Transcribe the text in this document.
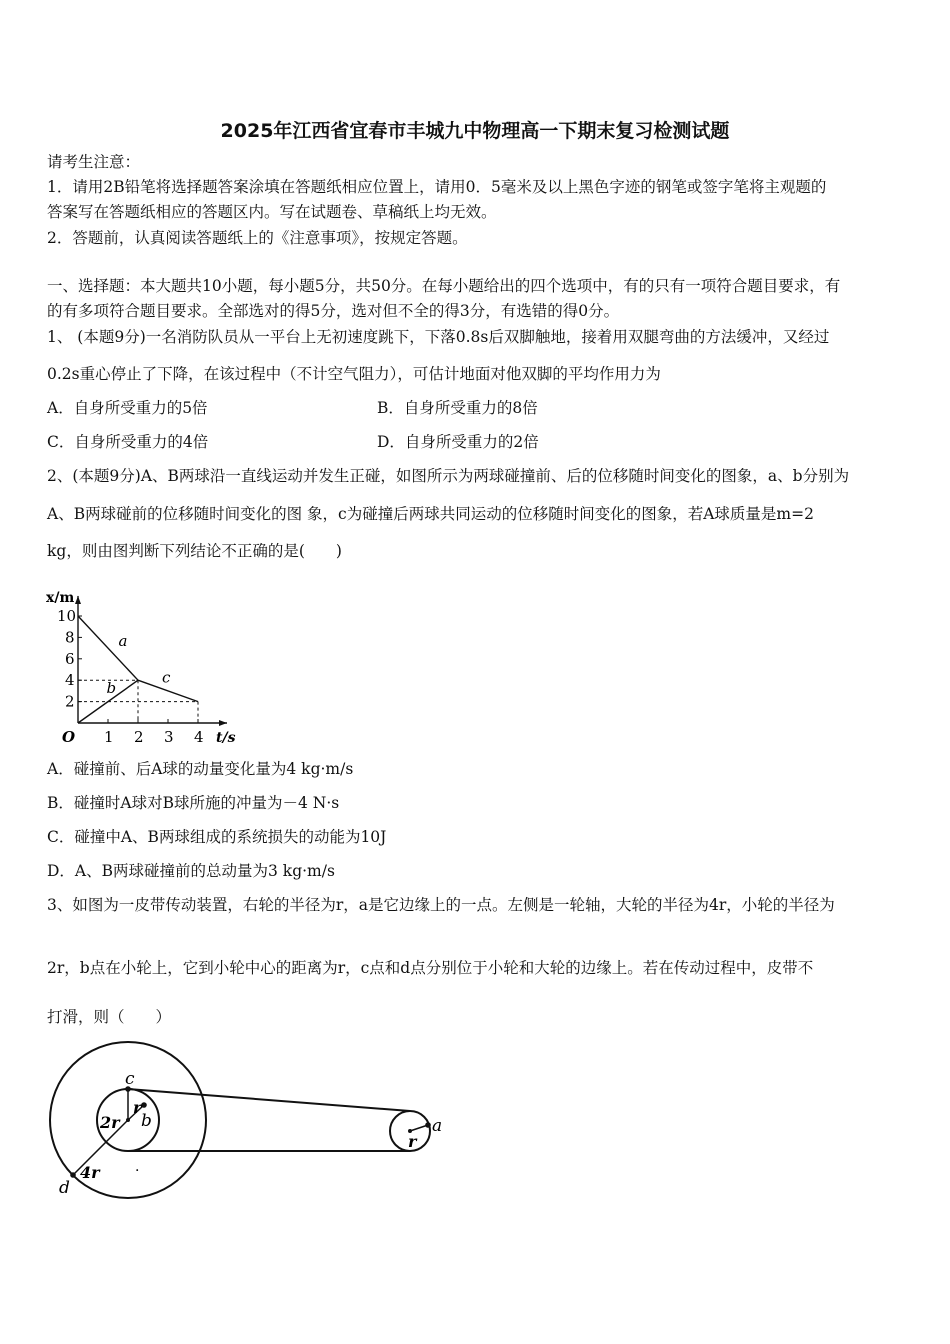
2025年江西省宜春市丰城九中物理高一下期末复习检测试题
请考生注意：
1．请用2B铅笔将选择题答案涂填在答题纸相应位置上，请用0．5毫米及以上黑色字迹的钢笔或签字笔将主观题的
答案写在答题纸相应的答题区内。写在试题卷、草稿纸上均无效。
2．答题前，认真阅读答题纸上的《注意事项》，按规定答题。
一、选择题：本大题共10小题，每小题5分，共50分。在每小题给出的四个选项中，有的只有一项符合题目要求，有
的有多项符合题目要求。全部选对的得5分，选对但不全的得3分，有选错的得0分。
1、 (本题9分)一名消防队员从一平台上无初速度跳下，下落0.8s后双脚触地，接着用双腿弯曲的方法缓冲，又经过
0.2s重心停止了下降，在该过程中（不计空气阻力），可估计地面对他双脚的平均作用力为
A．自身所受重力的5倍	B．自身所受重力的8倍
C．自身所受重力的4倍	D．自身所受重力的2倍
2、(本题9分)A、B两球沿一直线运动并发生正碰，如图所示为两球碰撞前、后的位移随时间变化的图象，a、b分别为
A、B两球碰前的位移随时间变化的图 象，c为碰撞后两球共同运动的位移随时间变化的图象，若A球质量是m=2
kg，则由图判断下列结论不正确的是(　　)
x/m
t/s
O 1 2 3 4
2
4
6
8
10
a
b
c
A．碰撞前、后A球的动量变化量为4 kg·m/s
B．碰撞时A球对B球所施的冲量为－4 N·s
C．碰撞中A、B两球组成的系统损失的动能为10J
D．A、B两球碰撞前的总动量为3 kg·m/s
3、如图为一皮带传动装置，右轮的半径为r，a是它边缘上的一点。左侧是一轮轴，大轮的半径为4r，小轮的半径为
2r，b点在小轮上，它到小轮中心的距离为r，c点和d点分别位于小轮和大轮的边缘上。若在传动过程中，皮带不
打滑，则（　　）
c
r
b
2r
4r
d
r
a
·
